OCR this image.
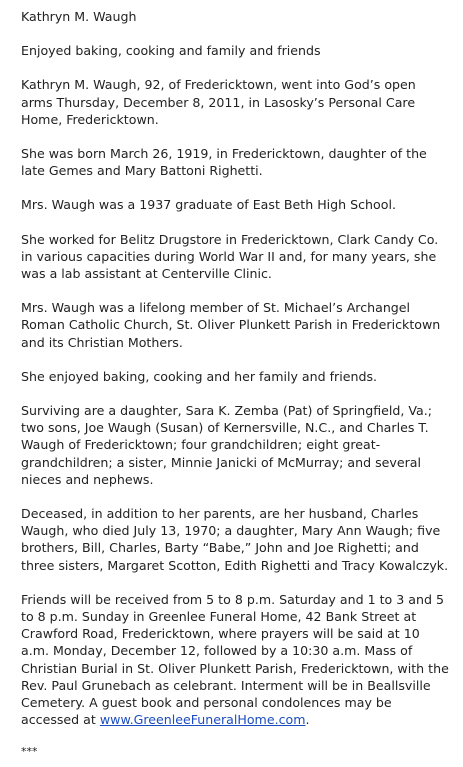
Kathryn M. Waugh

Enjoyed baking, cooking and family and friends

Kathryn M. Waugh, 92, of Fredericktown, went into God’s open arms Thursday, December 8, 2011, in Lasosky’s Personal Care Home, Fredericktown.

She was born March 26, 1919, in Fredericktown, daughter of the late Gemes and Mary Battoni Righetti.

Mrs. Waugh was a 1937 graduate of East Beth High School.

She worked for Belitz Drugstore in Fredericktown, Clark Candy Co. in various capacities during World War II and, for many years, she was a lab assistant at Centerville Clinic.

Mrs. Waugh was a lifelong member of St. Michael’s Archangel Roman Catholic Church, St. Oliver Plunkett Parish in Fredericktown and its Christian Mothers.

She enjoyed baking, cooking and her family and friends.

Surviving are a daughter, Sara K. Zemba (Pat) of Springfield, Va.; two sons, Joe Waugh (Susan) of Kernersville, N.C., and Charles T. Waugh of Fredericktown; four grandchildren; eight great-grandchildren; a sister, Minnie Janicki of McMurray; and several nieces and nephews.

Deceased, in addition to her parents, are her husband, Charles Waugh, who died July 13, 1970; a daughter, Mary Ann Waugh; five brothers, Bill, Charles, Barty “Babe,” John and Joe Righetti; and three sisters, Margaret Scotton, Edith Righetti and Tracy Kowalczyk.

Friends will be received from 5 to 8 p.m. Saturday and 1 to 3 and 5 to 8 p.m. Sunday in Greenlee Funeral Home, 42 Bank Street at Crawford Road, Fredericktown, where prayers will be said at 10 a.m. Monday, December 12, followed by a 10:30 a.m. Mass of Christian Burial in St. Oliver Plunkett Parish, Fredericktown, with the Rev. Paul Grunebach as celebrant. Interment will be in Beallsville Cemetery. A guest book and personal condolences may be accessed at www.GreenleeFuneralHome.com.

***
